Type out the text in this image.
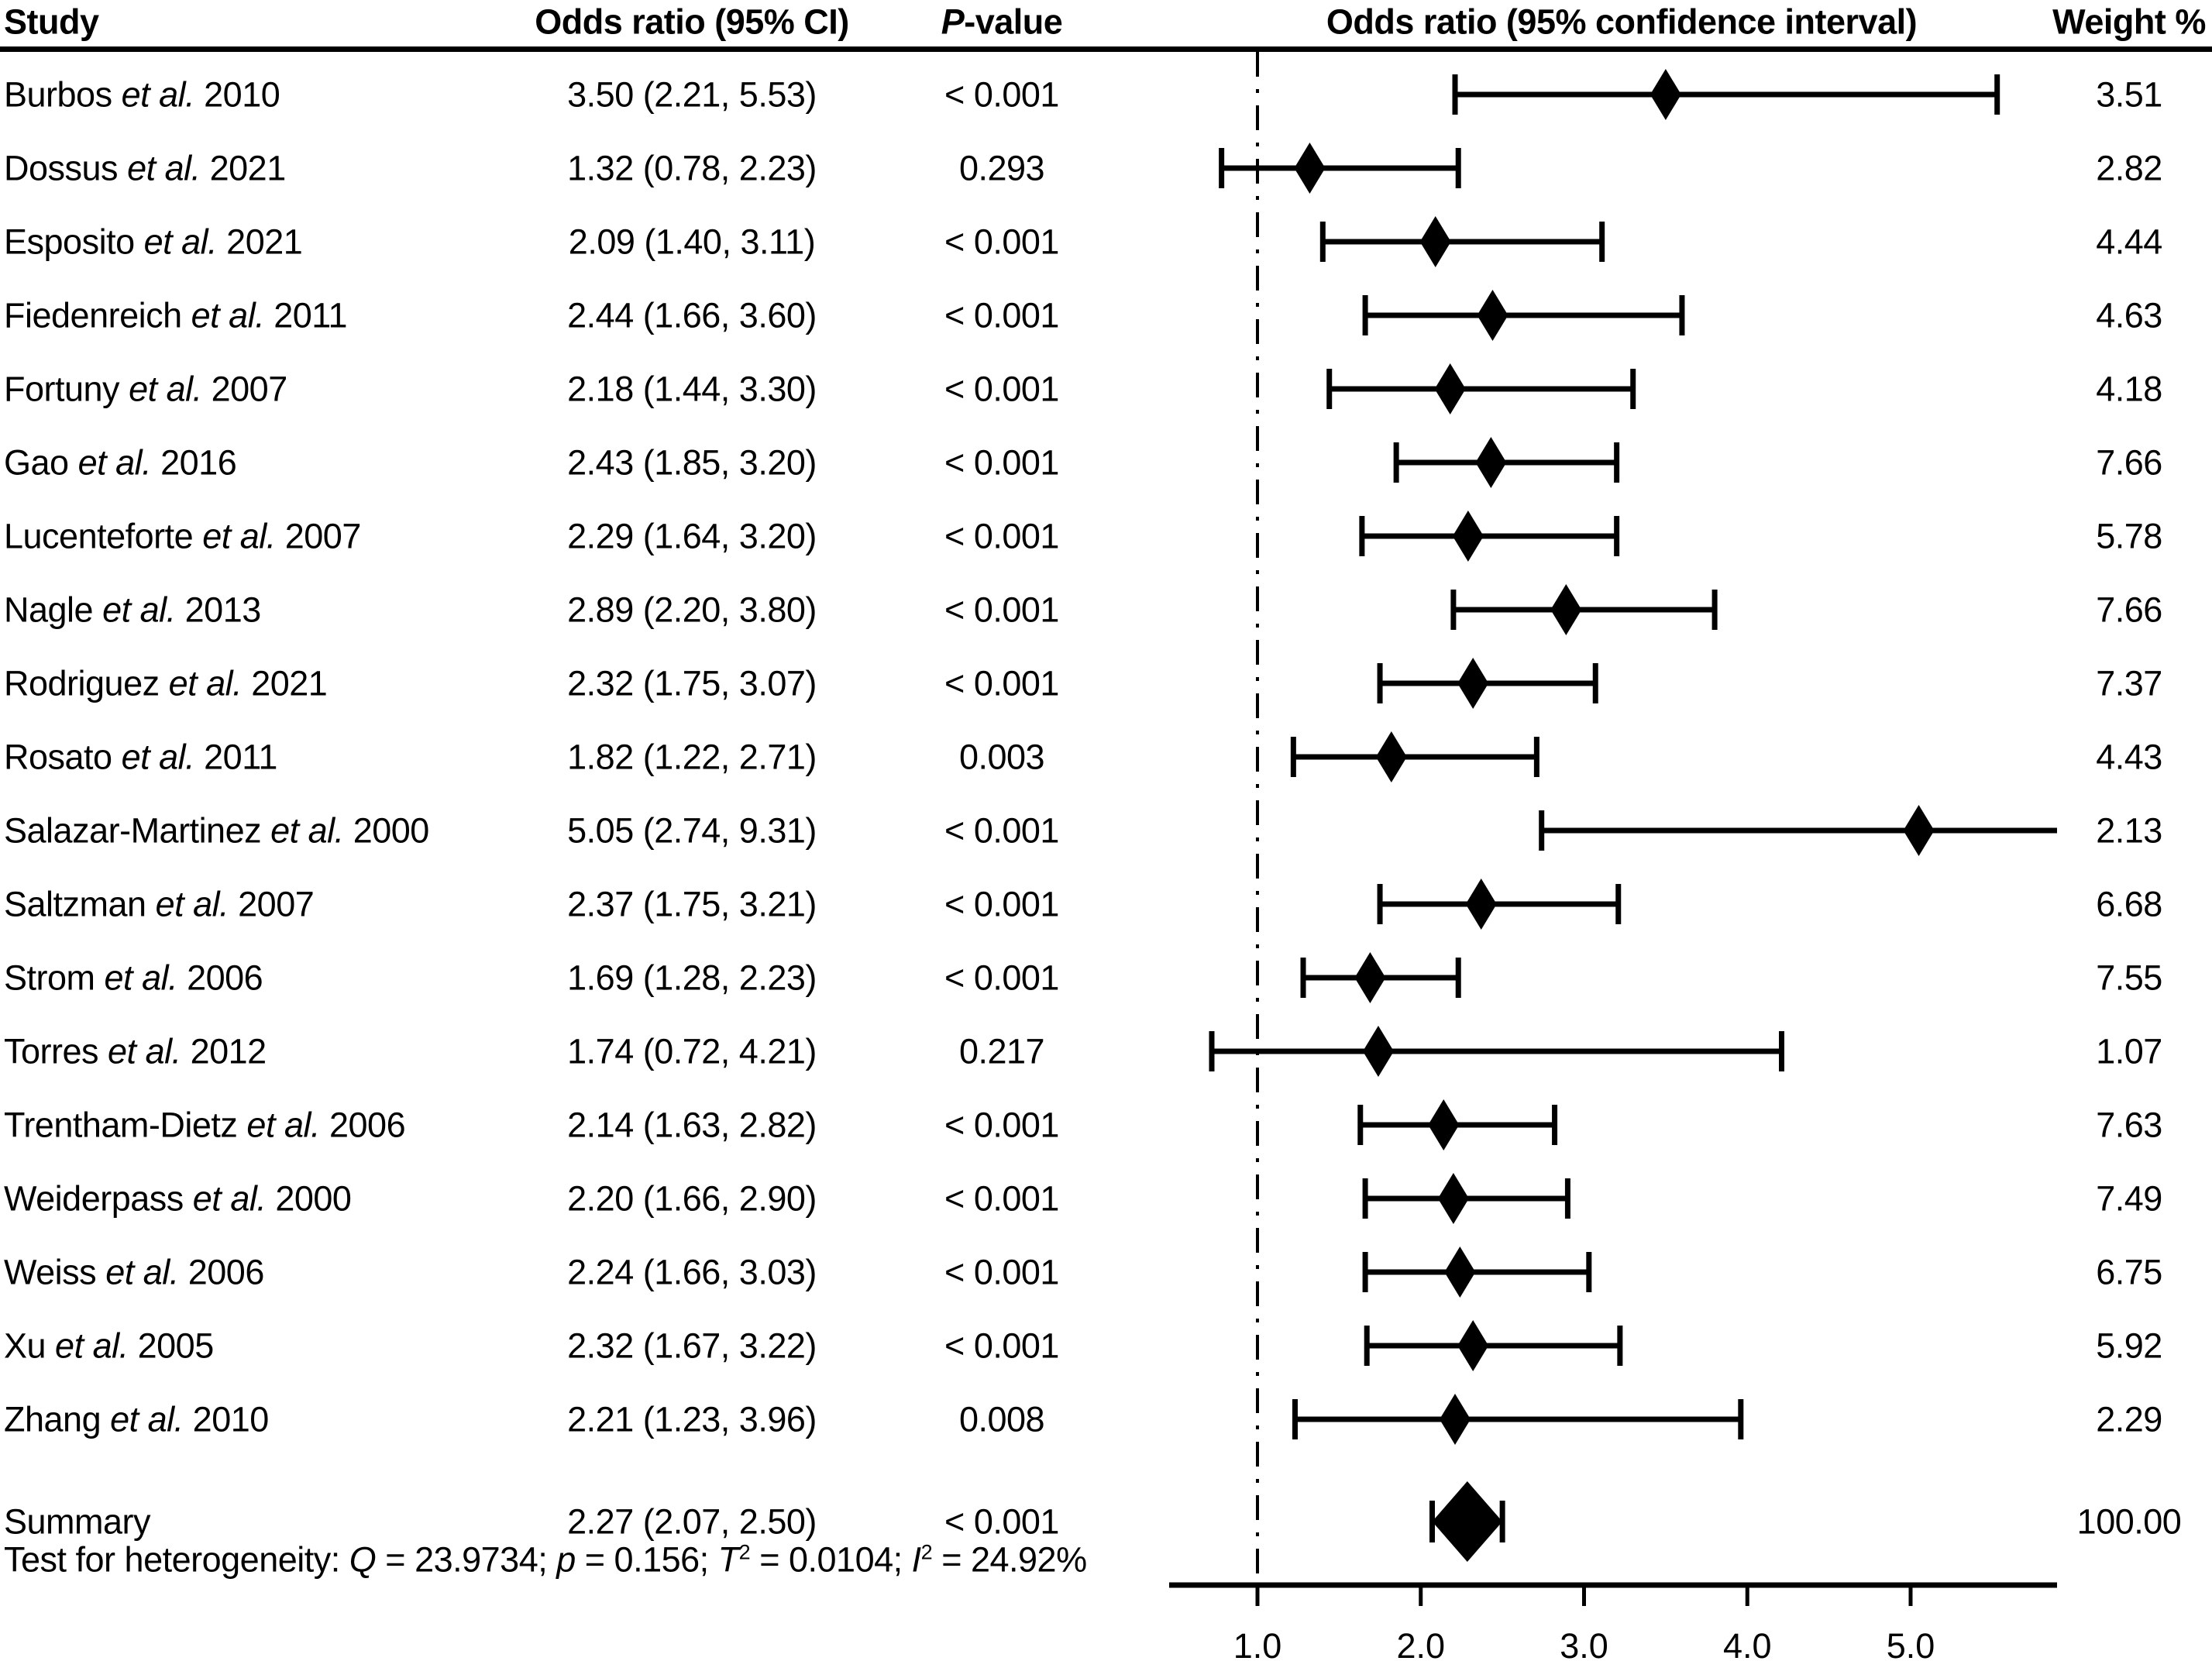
Study	Odds ratio (95% CI)	P-value	Odds ratio (95% confidence interval)	Weight %
Burbos et al. 2010	3.50 (2.21, 5.53)	< 0.001	3.51
Dossus et al. 2021	1.32 (0.78, 2.23)	0.293	2.82
Esposito et al. 2021	2.09 (1.40, 3.11)	< 0.001	4.44
Fiedenreich et al. 2011	2.44 (1.66, 3.60)	< 0.001	4.63
Fortuny et al. 2007	2.18 (1.44, 3.30)	< 0.001	4.18
Gao et al. 2016	2.43 (1.85, 3.20)	< 0.001	7.66
Lucenteforte et al. 2007	2.29 (1.64, 3.20)	< 0.001	5.78
Nagle et al. 2013	2.89 (2.20, 3.80)	< 0.001	7.66
Rodriguez et al. 2021	2.32 (1.75, 3.07)	< 0.001	7.37
Rosato et al. 2011	1.82 (1.22, 2.71)	0.003	4.43
Salazar-Martinez et al. 2000	5.05 (2.74, 9.31)	< 0.001	2.13
Saltzman et al. 2007	2.37 (1.75, 3.21)	< 0.001	6.68
Strom et al. 2006	1.69 (1.28, 2.23)	< 0.001	7.55
Torres et al. 2012	1.74 (0.72, 4.21)	0.217	1.07
Trentham-Dietz et al. 2006	2.14 (1.63, 2.82)	< 0.001	7.63
Weiderpass et al. 2000	2.20 (1.66, 2.90)	< 0.001	7.49
Weiss et al. 2006	2.24 (1.66, 3.03)	< 0.001	6.75
Xu et al. 2005	2.32 (1.67, 3.22)	< 0.001	5.92
Zhang et al. 2010	2.21 (1.23, 3.96)	0.008	2.29
Summary	2.27 (2.07, 2.50)	< 0.001	100.00
1.0	2.0	3.0	4.0	5.0
Test for heterogeneity: Q = 23.9734; p = 0.156; $T^2 = 0.0104$; $I^2 = 24.92\%$
